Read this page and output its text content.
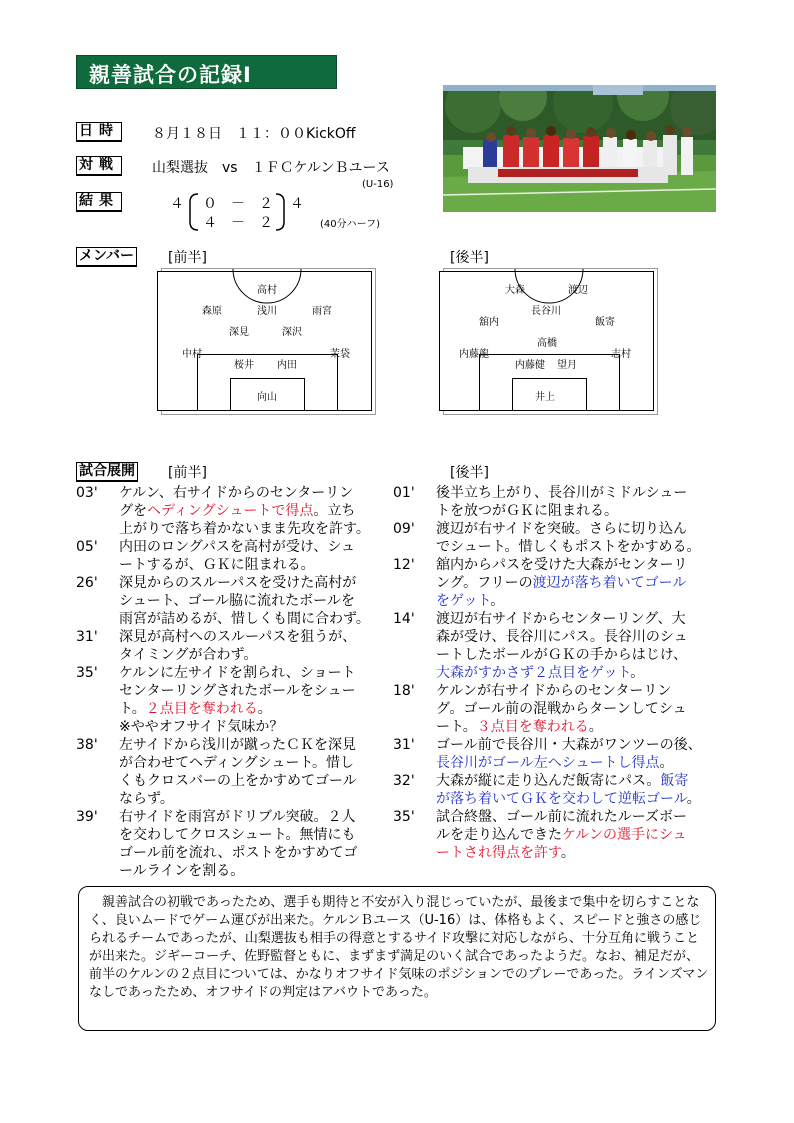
親善試合の記録Ⅰ
日時 ８月１８日　１１：００KickOff
対戦 山梨選抜　vs　１ＦＣケルンＢユース
(U-16)
結果	４ ０　－　２
４　－　２
４
(40分ハーフ)
メンバー [前半]	[後半]
高村
森原	浅川	雨宮
深見	深沢
中村
桜井 内田
茉袋
向山
大森	渡辺
長谷川
舘内	飯寄
高橋
内藤龍
内藤健 望月
志村
井上
試合展開 [前半]	[後半]
03'	ケルン、右サイドからのセンターリン
グをヘディングシュートで得点。立ち
上がりで落ち着かないまま先攻を許す。
05'	内田のロングパスを高村が受け、シュ
ートするが、ＧＫに阻まれる。
26'	深見からのスルーパスを受けた高村が
シュート、ゴール脇に流れたボールを
雨宮が詰めるが、惜しくも間に合わず。
31'	深見が高村へのスルーパスを狙うが、
タイミングが合わず。
35'	ケルンに左サイドを割られ、ショート
センターリングされたボールをシュー
ト。２点目を奪われる。
※ややオフサイド気味か？
38'	左サイドから浅川が蹴ったＣＫを深見
が合わせてヘディングシュート。惜し
くもクロスバーの上をかすめてゴール
ならず。
39'	右サイドを雨宮がドリブル突破。２人
を交わしてクロスシュート。無情にも
ゴール前を流れ、ポストをかすめてゴ
ールラインを割る。
01'	後半立ち上がり、長谷川がミドルシュー
トを放つがＧＫに阻まれる。
09'	渡辺が右サイドを突破。さらに切り込ん
でシュート。惜しくもポストをかすめる。
12'	舘内からパスを受けた大森がセンターリ
ング。フリーの渡辺が落ち着いてゴール
をゲット。
14'	渡辺が右サイドからセンターリング、大
森が受け、長谷川にパス。長谷川のシュ
ートしたボールがＧＫの手からはじけ、
大森がすかさず２点目をゲット。
18'	ケルンが右サイドからのセンターリン
グ。ゴール前の混戦からターンしてシュ
ート。３点目を奪われる。
31'	ゴール前で長谷川・大森がワンツーの後、
長谷川がゴール左へシュートし得点。
32'	大森が縦に走り込んだ飯寄にパス。飯寄
が落ち着いてＧＫを交わして逆転ゴール。
35'	試合終盤、ゴール前に流れたルーズボー
ルを走り込んできたケルンの選手にシュ
ートされ得点を許す。
　親善試合の初戦であったため、選手も期待と不安が入り混じっていたが、最後まで集中を切らすことなく、良いムードでゲーム運びが出来た。ケルンＢユース（U-16）は、体格もよく、スピードと強さの感じられるチームであったが、山梨選抜も相手の得意とするサイド攻撃に対応しながら、十分互角に戦うことが出来た。ジギーコーチ、佐野監督ともに、まずまず満足のいく試合であったようだ。なお、補足だが、前半のケルンの２点目については、かなりオフサイド気味のポジションでのプレーであった。ラインズマンなしであったため、オフサイドの判定はアバウトであった。
